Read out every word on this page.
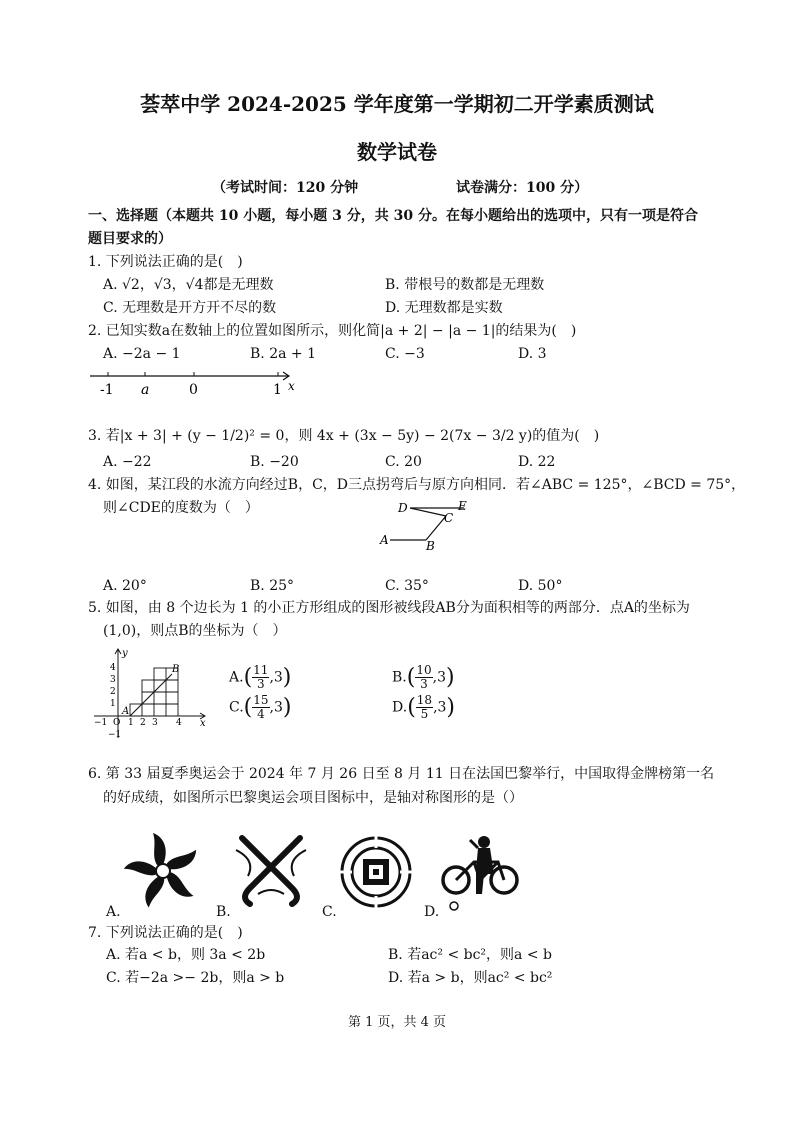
荟萃中学 2024-2025 学年度第一学期初二开学素质测试
数学试卷
（考试时间：120 分钟	试卷满分：100 分）
一、选择题（本题共 10 小题，每小题 3 分，共 30 分。在每小题给出的选项中，只有一项是符合
题目要求的）
1. 下列说法正确的是(　)
A. √2，√3，√4都是无理数	B. 带根号的数都是无理数
C. 无理数是开方开不尽的数	D. 无理数都是实数
2. 已知实数a在数轴上的位置如图所示，则化简|a + 2| − |a − 1|的结果为(　)
A. −2a − 1	B. 2a + 1	C. −3	D. 3
-1 a	0	1 x
3. 若|x + 3| + (y − 1/2)² = 0，则 4x + (3x − 5y) − 2(7x − 3/2 y)的值为(　)
A. −22	B. −20	C. 20	D. 22
4. 如图，某江段的水流方向经过B，C，D三点拐弯后与原方向相同．若∠ABC = 125°，∠BCD = 75°，
则∠CDE的度数为（　）	D	E
C
A	B
A. 20°	B. 25°	C. 35°	D. 50°
5. 如图，由 8 个边长为 1 的小正方形组成的图形被线段AB分为面积相等的两部分．点A的坐标为
(1,0)，则点B的坐标为（　）
A
B
y
x
4
3
2
1
−1 O 1 2 3 4
−1
$A.( \frac{11}{3} ,3)$	$B.( \frac{10}{3} ,3)$
$C.( \frac{15}{4} ,3)$	$D.( \frac{18}{5} ,3)$
6. 第 33 届夏季奥运会于 2024 年 7 月 26 日至 8 月 11 日在法国巴黎举行，中国取得金牌榜第一名
的好成绩，如图所示巴黎奥运会项目图标中，是轴对称图形的是（）
A.	B.	C.	D.
7. 下列说法正确的是(　)
A. 若a < b，则 3a < 2b	B. 若ac² < bc²，则a < b
C. 若−2a >− 2b，则a > b	D. 若a > b，则ac² < bc²
第 1 页，共 4 页
